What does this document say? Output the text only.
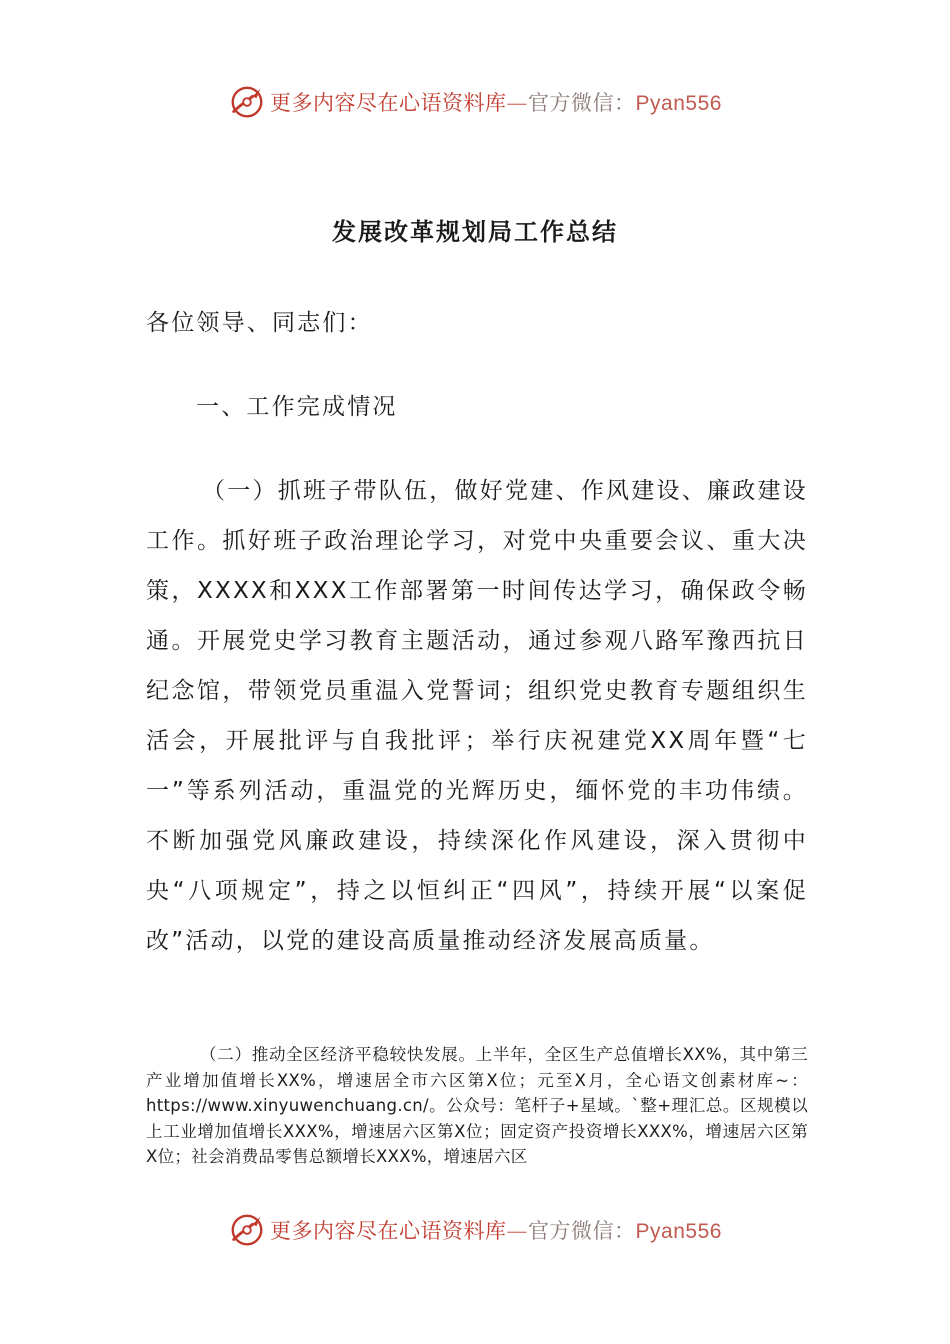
更多内容尽在心语资料库—官方微信：Pyan556
发展改革规划局工作总结

各位领导、同志们：

一、工作完成情况

（一）抓班子带队伍，做好党建、作风建设、廉政建设工作。抓好班子政治理论学习，对党中央重要会议、重大决策，XXXX和XXX工作部署第一时间传达学习，确保政令畅通。开展党史学习教育主题活动，通过参观八路军豫西抗日纪念馆，带领党员重温入党誓词；组织党史教育专题组织生活会，开展批评与自我批评；举行庆祝建党XX周年暨“七一”等系列活动，重温党的光辉历史，缅怀党的丰功伟绩。不断加强党风廉政建设，持续深化作风建设，深入贯彻中央“八项规定”，持之以恒纠正“四风”，持续开展“以案促改”活动，以党的建设高质量推动经济发展高质量。

（二）推动全区经济平稳较快发展。上半年，全区生产总值增长XX%，其中第三产业增加值增长XX%，增速居全市六区第X位；元至X月，全心语文创素材库~：https://www.xinyuwenchuang.cn/。公众号：笔杆子+星域。`整+理汇总。区规模以上工业增加值增长XXX%，增速居六区第X位；固定资产投资增长XXX%，增速居六区第X位；社会消费品零售总额增长XXX%，增速居六区

更多内容尽在心语资料库—官方微信：Pyan556
